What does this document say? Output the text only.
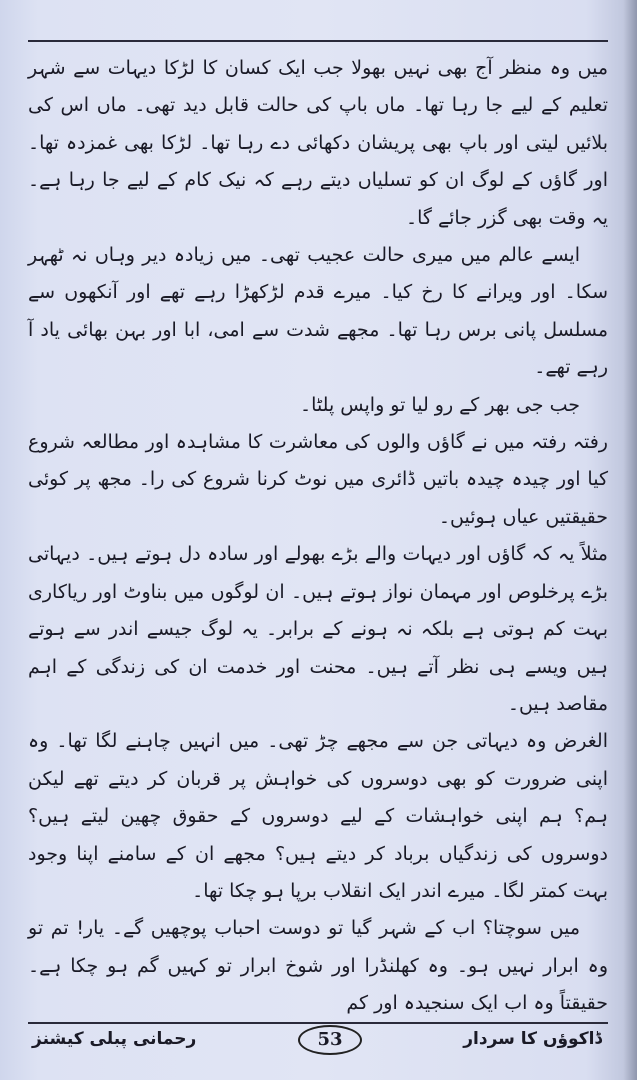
میں وہ منظر آج بھی نہیں بھولا جب ایک کسان کا لڑکا دیہات سے شہر تعلیم کے لیے جا رہا تھا۔ ماں باپ کی حالت قابل دید تھی۔ ماں اس کی بلائیں لیتی اور باپ بھی پریشان دکھائی دے رہا تھا۔ لڑکا بھی غمزدہ تھا۔ اور گاؤں کے لوگ ان کو تسلیاں دیتے رہے کہ نیک کام کے لیے جا رہا ہے۔ یہ وقت بھی گزر جائے گا۔

ایسے عالم میں میری حالت عجیب تھی۔ میں زیادہ دیر وہاں نہ ٹھہر سکا۔ اور ویرانے کا رخ کیا۔ میرے قدم لڑکھڑا رہے تھے اور آنکھوں سے مسلسل پانی برس رہا تھا۔ مجھے شدت سے امی، ابا اور بہن بھائی یاد آ رہے تھے۔

جب جی بھر کے رو لیا تو واپس پلٹا۔

رفتہ رفتہ میں نے گاؤں والوں کی معاشرت کا مشاہدہ اور مطالعہ شروع کیا اور چیدہ چیدہ باتیں ڈائری میں نوٹ کرنا شروع کی را۔ مجھ پر کوئی حقیقتیں عیاں ہوئیں۔

مثلاً یہ کہ گاؤں اور دیہات والے بڑے بھولے اور سادہ دل ہوتے ہیں۔ دیہاتی بڑے پرخلوص اور مہمان نواز ہوتے ہیں۔ ان لوگوں میں بناوٹ اور ریاکاری بہت کم ہوتی ہے بلکہ نہ ہونے کے برابر۔ یہ لوگ جیسے اندر سے ہوتے ہیں ویسے ہی نظر آتے ہیں۔ محنت اور خدمت ان کی زندگی کے اہم مقاصد ہیں۔

الغرض وہ دیہاتی جن سے مجھے چڑ تھی۔ میں انہیں چاہنے لگا تھا۔ وہ اپنی ضرورت کو بھی دوسروں کی خواہش پر قربان کر دیتے تھے لیکن ہم؟ ہم اپنی خواہشات کے لیے دوسروں کے حقوق چھین لیتے ہیں؟ دوسروں کی زندگیاں برباد کر دیتے ہیں؟ مجھے ان کے سامنے اپنا وجود بہت کمتر لگا۔ میرے اندر ایک انقلاب برپا ہو چکا تھا۔

میں سوچتا؟ اب کے شہر گیا تو دوست احباب پوچھیں گے۔ یار! تم تو وہ ابرار نہیں ہو۔ وہ کھلنڈرا اور شوخ ابرار تو کہیں گم ہو چکا ہے۔ حقیقتاً وہ اب ایک سنجیدہ اور کم

رحمانی پبلی کیشنز	53	ڈاکوؤں کا سردار
